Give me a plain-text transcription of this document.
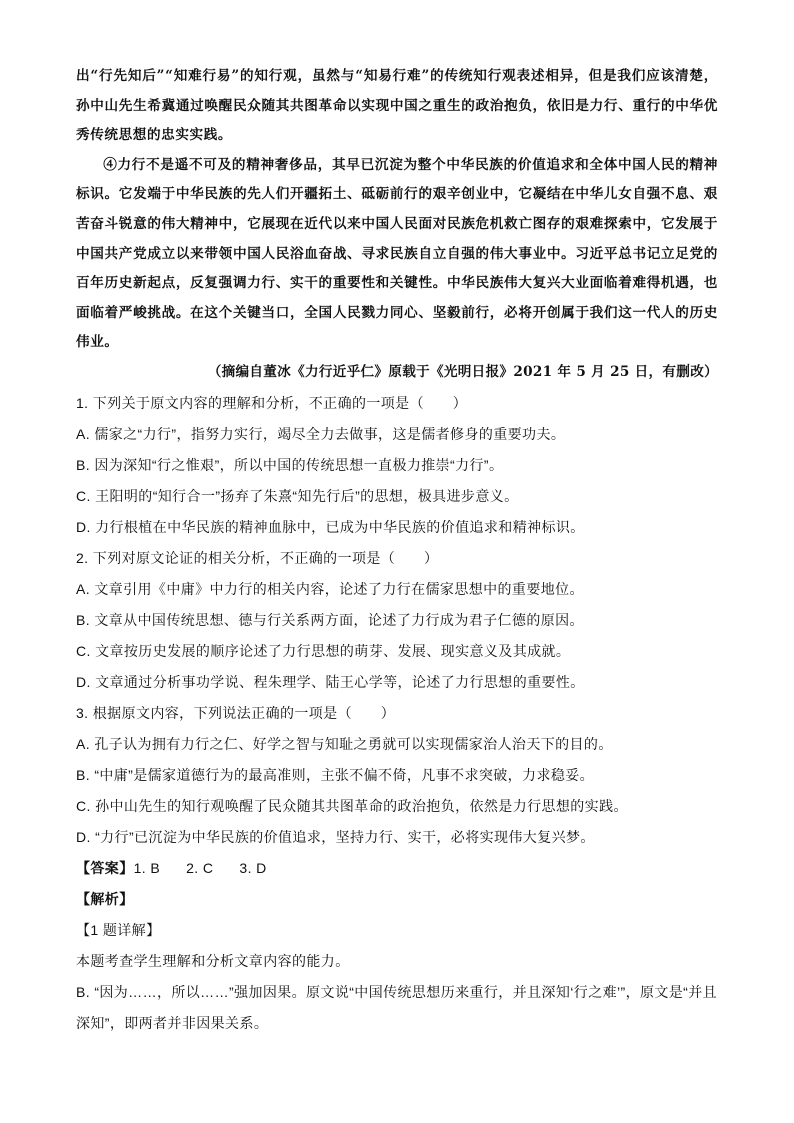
出“行先知后”“知难行易”的知行观，虽然与“知易行难”的传统知行观表述相异，但是我们应该清楚，孙中山先生希冀通过唤醒民众随其共图革命以实现中国之重生的政治抱负，依旧是力行、重行的中华优秀传统思想的忠实实践。

④力行不是遥不可及的精神奢侈品，其早已沉淀为整个中华民族的价值追求和全体中国人民的精神标识。它发端于中华民族的先人们开疆拓土、砥砺前行的艰辛创业中，它凝结在中华儿女自强不息、艰苦奋斗锐意的伟大精神中，它展现在近代以来中国人民面对民族危机救亡图存的艰难探索中，它发展于中国共产党成立以来带领中国人民浴血奋战、寻求民族自立自强的伟大事业中。习近平总书记立足党的百年历史新起点，反复强调力行、实干的重要性和关键性。中华民族伟大复兴大业面临着难得机遇，也面临着严峻挑战。在这个关键当口，全国人民戮力同心、坚毅前行，必将开创属于我们这一代人的历史伟业。

（摘编自董冰《力行近乎仁》原载于《光明日报》2021 年 5 月 25 日，有删改）

1. 下列关于原文内容的理解和分析，不正确的一项是（　　）

A. 儒家之“力行”，指努力实行，竭尽全力去做事，这是儒者修身的重要功夫。

B. 因为深知“行之惟艰”，所以中国的传统思想一直极力推崇“力行”。

C. 王阳明的“知行合一”扬弃了朱熹“知先行后”的思想，极具进步意义。

D. 力行根植在中华民族的精神血脉中，已成为中华民族的价值追求和精神标识。

2. 下列对原文论证的相关分析，不正确的一项是（　　）

A. 文章引用《中庸》中力行的相关内容，论述了力行在儒家思想中的重要地位。

B. 文章从中国传统思想、德与行关系两方面，论述了力行成为君子仁德的原因。

C. 文章按历史发展的顺序论述了力行思想的萌芽、发展、现实意义及其成就。

D. 文章通过分析事功学说、程朱理学、陆王心学等，论述了力行思想的重要性。

3. 根据原文内容，下列说法正确的一项是（　　）

A. 孔子认为拥有力行之仁、好学之智与知耻之勇就可以实现儒家治人治天下的目的。

B. “中庸”是儒家道德行为的最高准则，主张不偏不倚，凡事不求突破，力求稳妥。

C. 孙中山先生的知行观唤醒了民众随其共图革命的政治抱负，依然是力行思想的实践。

D. “力行”已沉淀为中华民族的价值追求，坚持力行、实干，必将实现伟大复兴梦。

【答案】1. B 2. C 3. D

【解析】

【1 题详解】

本题考查学生理解和分析文章内容的能力。

B. “因为……，所以……”强加因果。原文说“中国传统思想历来重行，并且深知‘行之难’”，原文是“并且深知”，即两者并非因果关系。
